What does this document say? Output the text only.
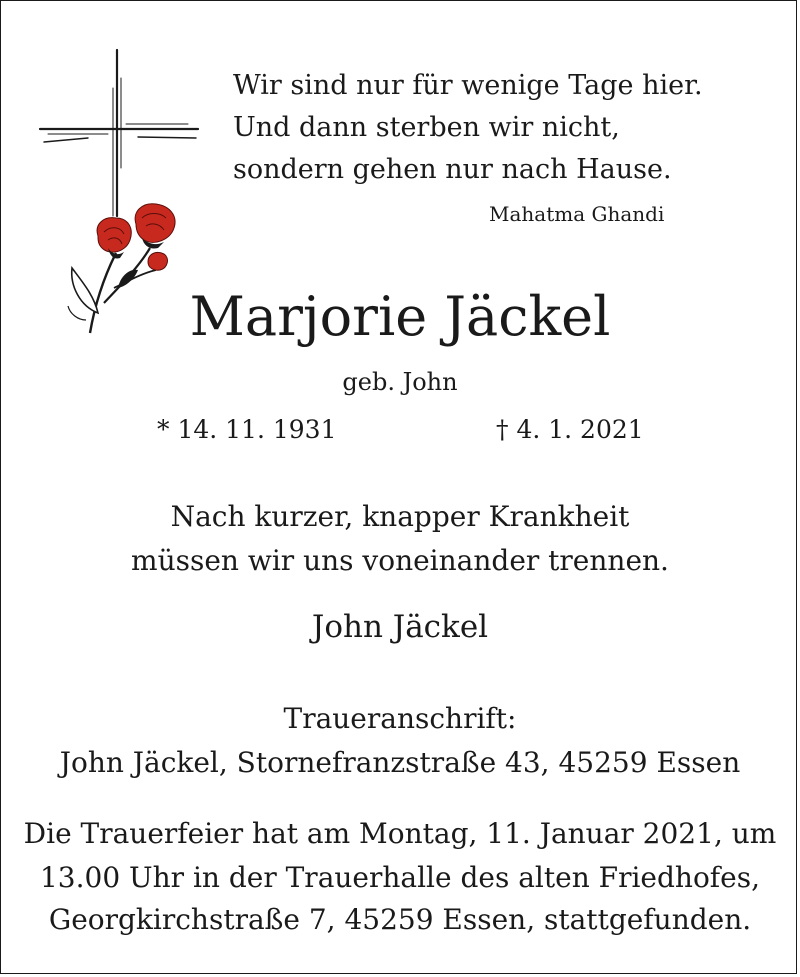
Wir sind nur für wenige Tage hier.

Und dann sterben wir nicht,

sondern gehen nur nach Hause.

Mahatma Ghandi

Marjorie Jäckel

geb. John

* 14. 11. 1931	† 4. 1. 2021

Nach kurzer, knapper Krankheit

müssen wir uns voneinander trennen.

John Jäckel

Traueranschrift:

John Jäckel, Stornefranzstraße 43, 45259 Essen

Die Trauerfeier hat am Montag, 11. Januar 2021, um

13.00 Uhr in der Trauerhalle des alten Friedhofes,

Georgkirchstraße 7, 45259 Essen, stattgefunden.
